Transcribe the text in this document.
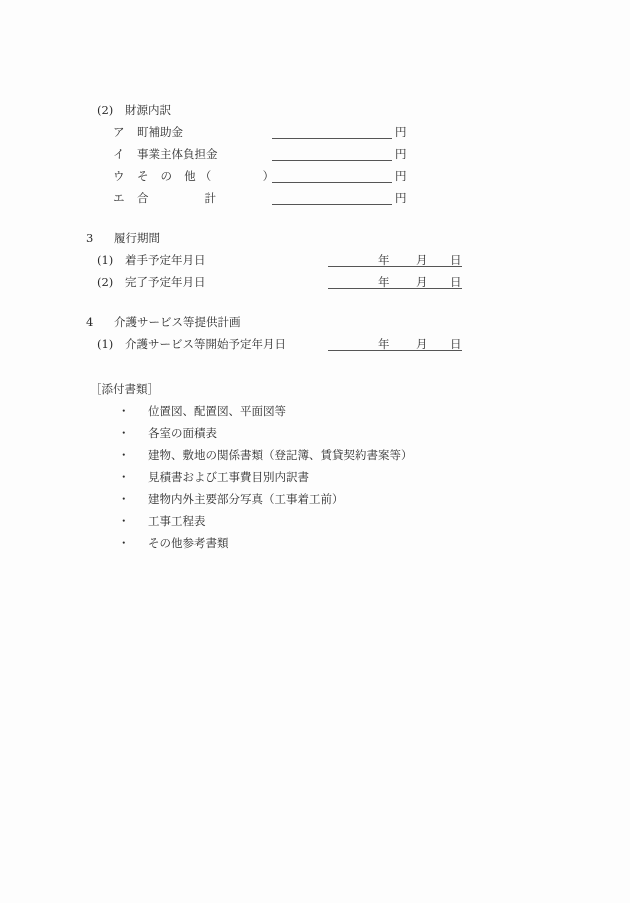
(2)	財源内訳
ア	町補助金	円
イ	事業主体負担金	円
ウ	そ の 他（　　　）	円
エ	合　　計	円
3	履行期間
(1)	着手予定年月日	年 月 日
(2)	完了予定年月日	年 月 日
4	介護サービス等提供計画
(1)	介護サービス等開始予定年月日	年 月 日
［添付書類］
・	位置図、配置図、平面図等
・	各室の面積表
・	建物、敷地の関係書類（登記簿、賃貸契約書案等）
・	見積書および工事費目別内訳書
・	建物内外主要部分写真（工事着工前）
・	工事工程表
・	その他参考書類
